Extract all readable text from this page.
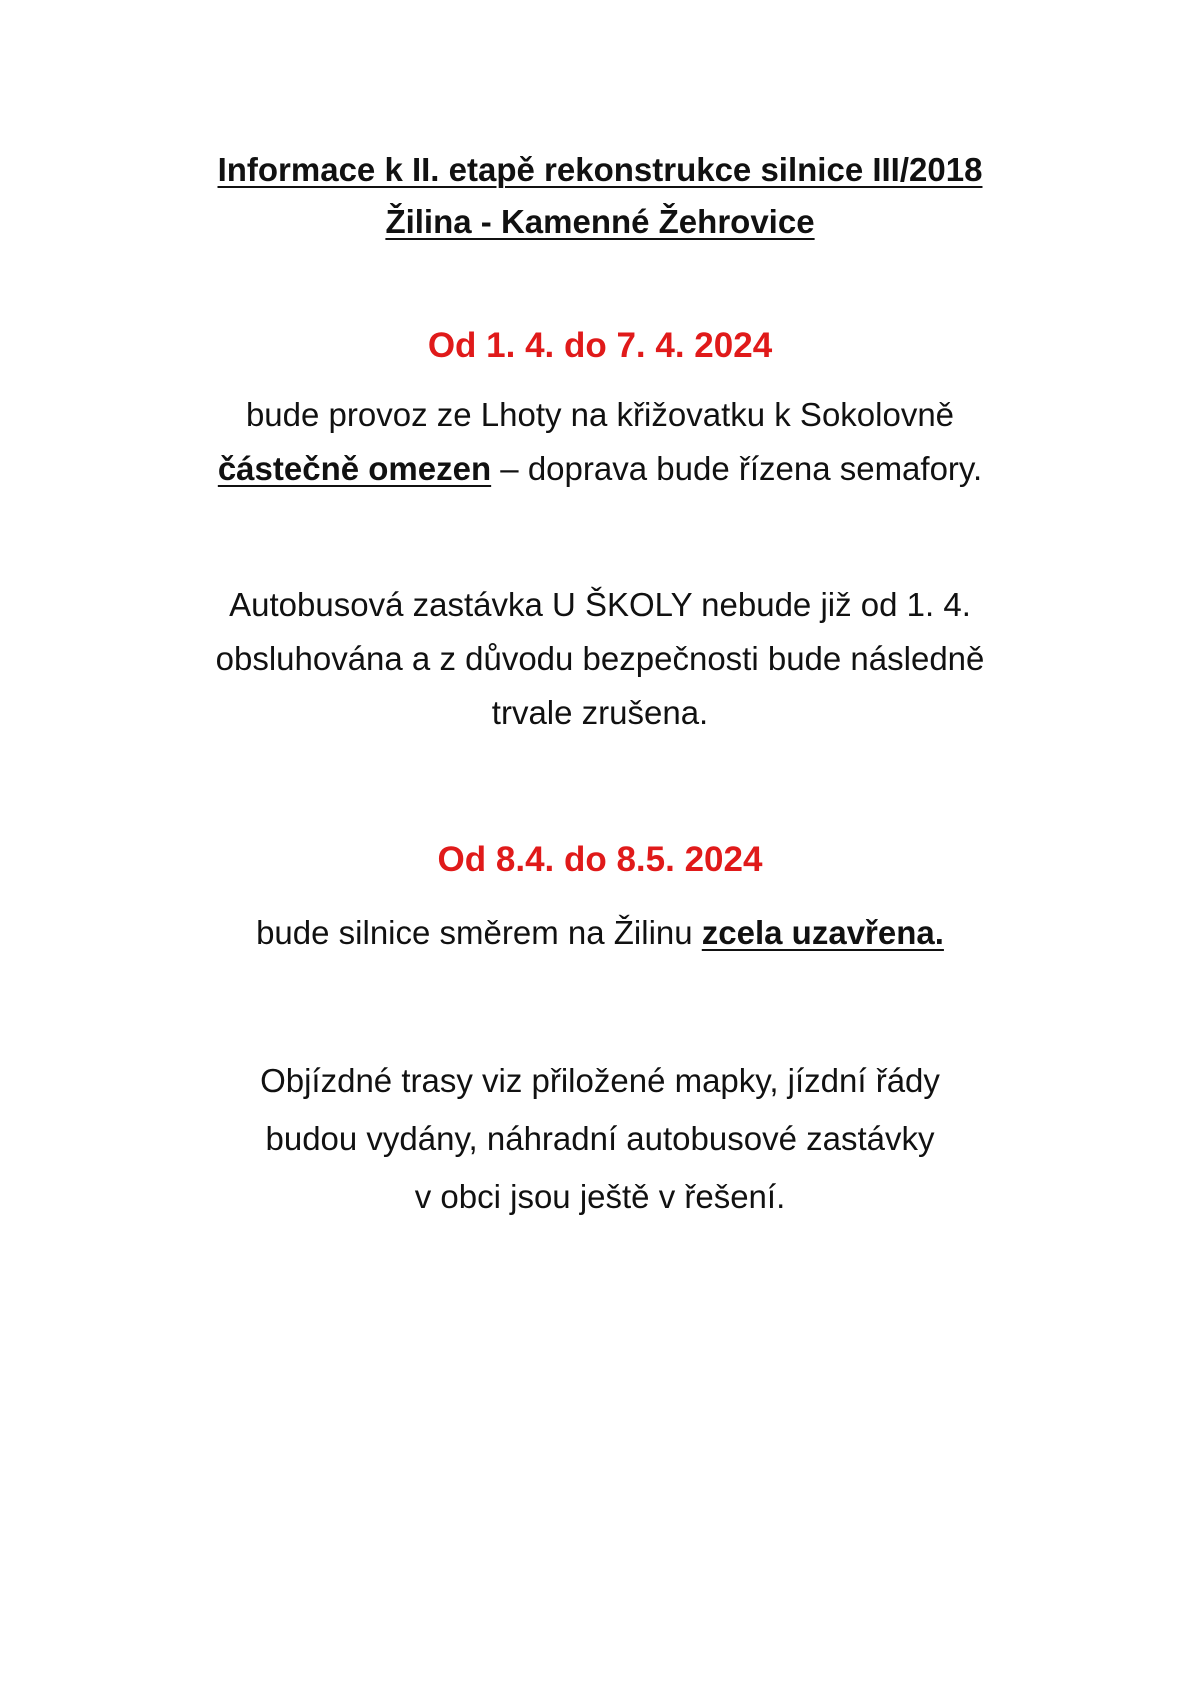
Informace k II. etapě rekonstrukce silnice III/2018
Žilina - Kamenné Žehrovice
Od 1. 4. do 7. 4. 2024
bude provoz ze Lhoty na křižovatku k Sokolovně
částečně omezen – doprava bude řízena semafory.
Autobusová zastávka U ŠKOLY nebude již od 1. 4.
obsluhována a z důvodu bezpečnosti bude následně
trvale zrušena.
Od 8.4. do 8.5. 2024
bude silnice směrem na Žilinu zcela uzavřena.
Objízdné trasy viz přiložené mapky, jízdní řády
budou vydány, náhradní autobusové zastávky
v obci jsou ještě v řešení.
